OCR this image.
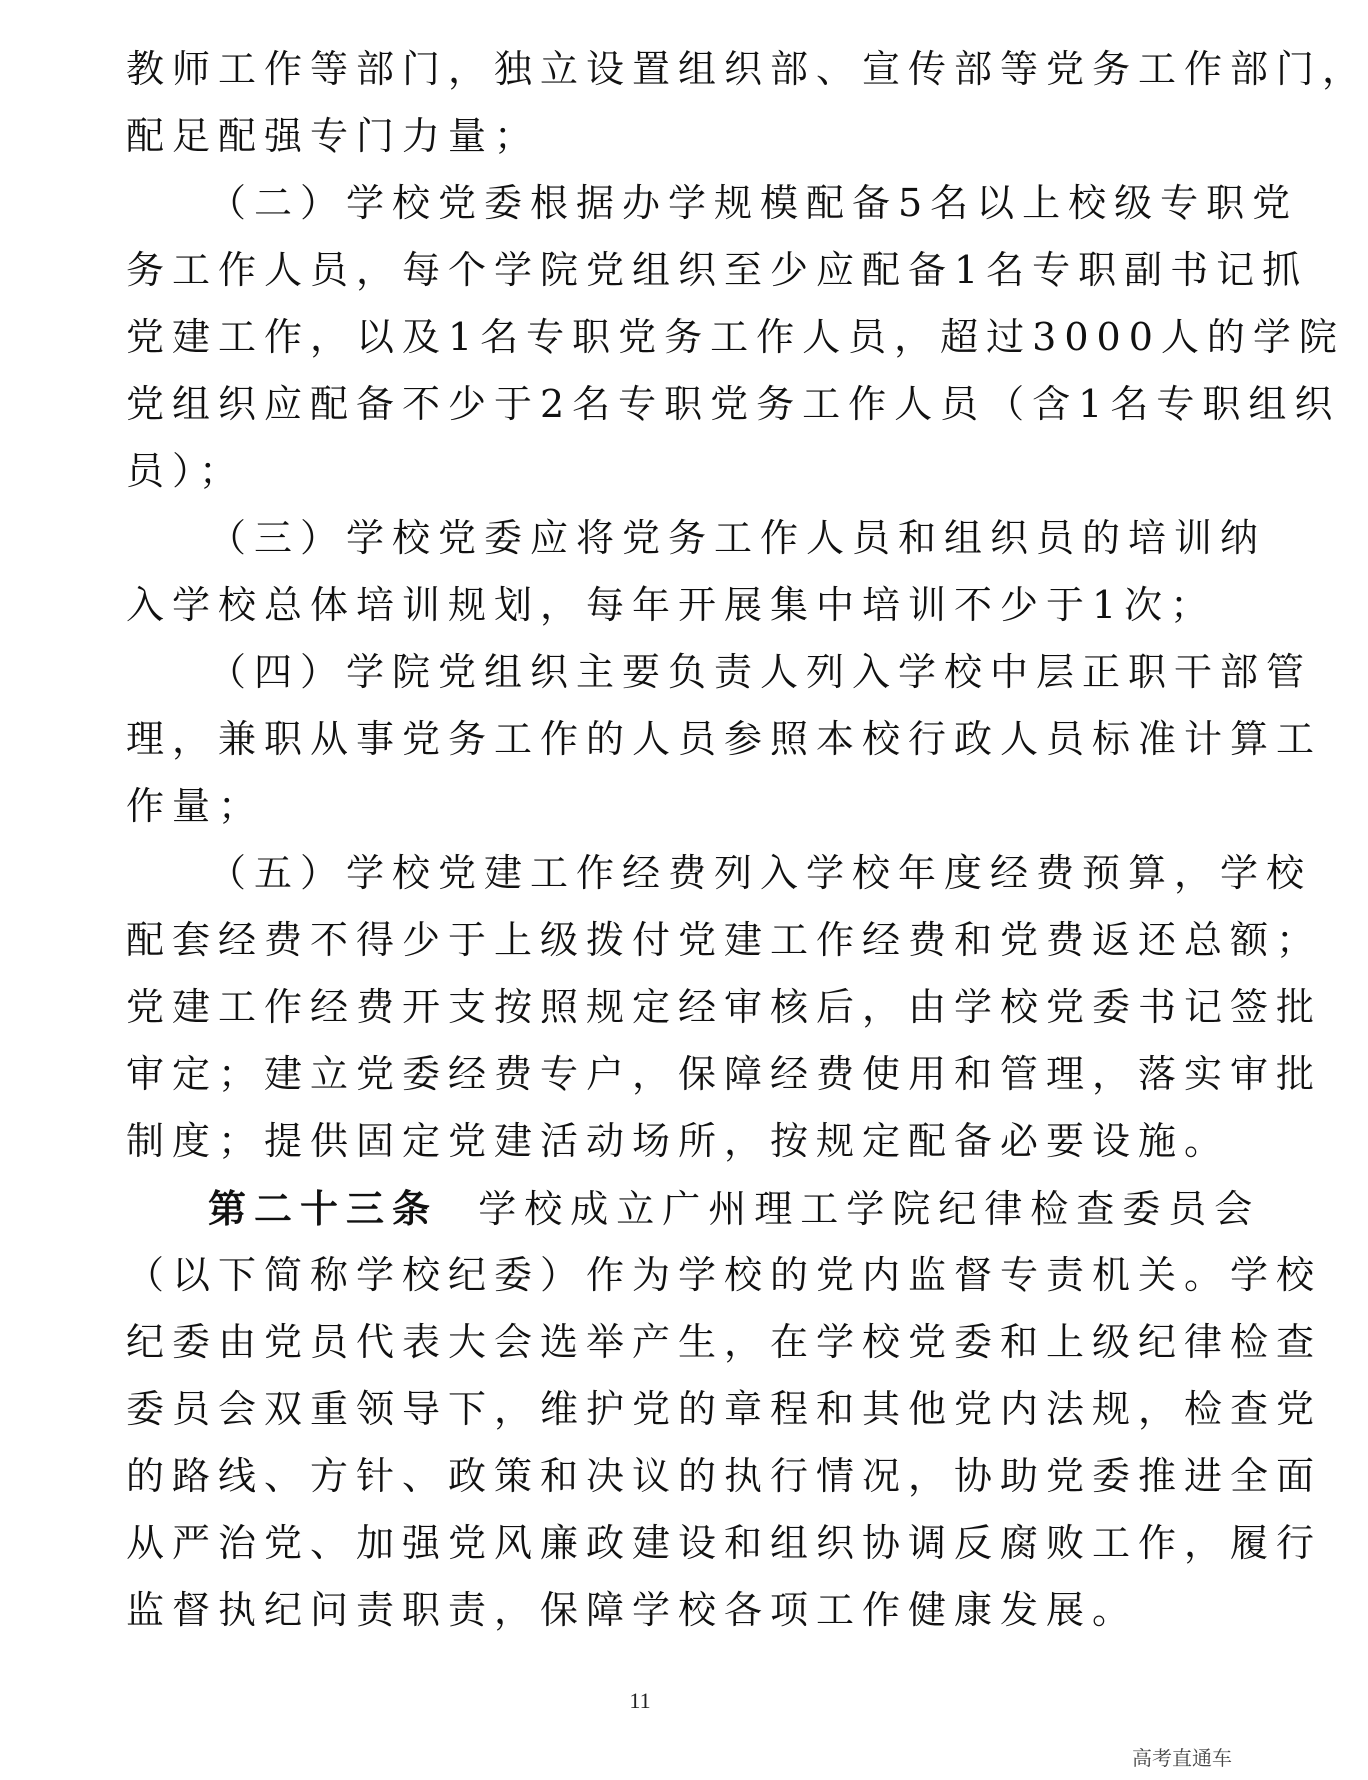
教师工作等部门，独立设置组织部、宣传部等党务工作部门，
配足配强专门力量；
（二）学校党委根据办学规模配备5名以上校级专职党
务工作人员，每个学院党组织至少应配备1名专职副书记抓
党建工作，以及1名专职党务工作人员，超过3000人的学院
党组织应配备不少于2名专职党务工作人员（含1名专职组织
员）；
（三）学校党委应将党务工作人员和组织员的培训纳
入学校总体培训规划，每年开展集中培训不少于1次；
（四）学院党组织主要负责人列入学校中层正职干部管
理，兼职从事党务工作的人员参照本校行政人员标准计算工
作量；
（五）学校党建工作经费列入学校年度经费预算，学校
配套经费不得少于上级拨付党建工作经费和党费返还总额；
党建工作经费开支按照规定经审核后，由学校党委书记签批
审定；建立党委经费专户，保障经费使用和管理，落实审批
制度；提供固定党建活动场所，按规定配备必要设施。
第二十三条 学校成立广州理工学院纪律检查委员会
（以下简称学校纪委）作为学校的党内监督专责机关。学校
纪委由党员代表大会选举产生，在学校党委和上级纪律检查
委员会双重领导下，维护党的章程和其他党内法规，检查党
的路线、方针、政策和决议的执行情况，协助党委推进全面
从严治党、加强党风廉政建设和组织协调反腐败工作，履行
监督执纪问责职责，保障学校各项工作健康发展。
11
高考直通车
